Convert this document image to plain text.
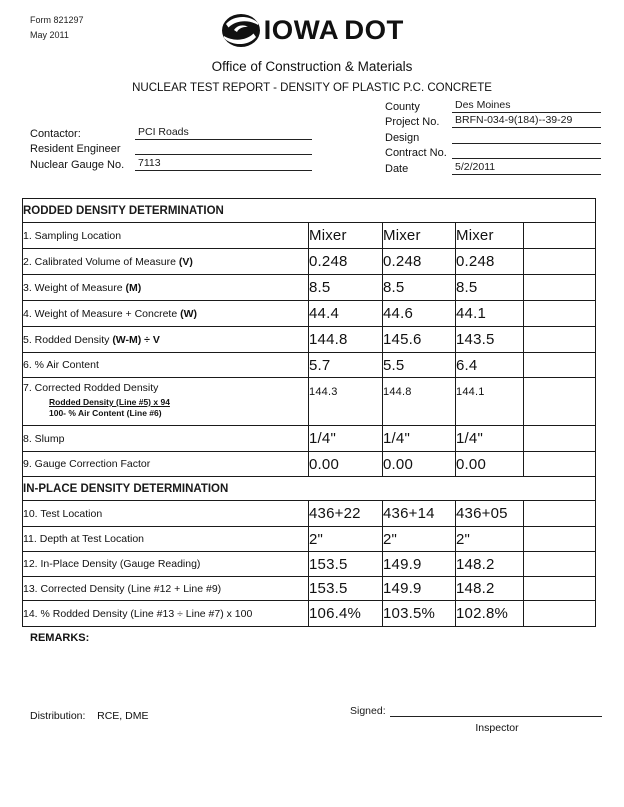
Form 821297
May 2011	IOWA DOT
Office of Construction & Materials
NUCLEAR TEST REPORT - DENSITY OF PLASTIC P.C. CONCRETE
Contactor:	PCI Roads
Resident Engineer
Nuclear Gauge No.	7113
County	Des Moines
Project No.	BRFN-034-9(184)--39-29
Design
Contract No.
Date	5/2/2011
RODDED DENSITY DETERMINATION				
1. Sampling Location	Mixer	Mixer	Mixer	
2. Calibrated Volume of Measure (V)	0.248	0.248	0.248	
3. Weight of Measure (M)	8.5	8.5	8.5	
4. Weight of Measure + Concrete (W)	44.4	44.6	44.1	
5. Rodded Density (W-M) ÷ V	144.8	145.6	143.5	
6. % Air Content	5.7	5.5	6.4	

7. Corrected Rodded Density
Rodded Density (Line #5) x 94
100- % Air Content (Line #6)	144.3	144.8	144.1	
8. Slump	1/4"	1/4"	1/4"	
9. Gauge Correction Factor	0.00	0.00	0.00	
IN-PLACE DENSITY DETERMINATION				
10. Test Location	436+22	436+14	436+05	
11. Depth at Test Location	2"	2"	2"	
12. In-Place Density (Gauge Reading)	153.5	149.9	148.2	
13. Corrected Density (Line #12 + Line #9)	153.5	149.9	148.2	
14. % Rodded Density (Line #13 ÷ Line #7) x 100	106.4%	103.5%	102.8%	
REMARKS:
Distribution: RCE, DME	Signed:
Inspector
